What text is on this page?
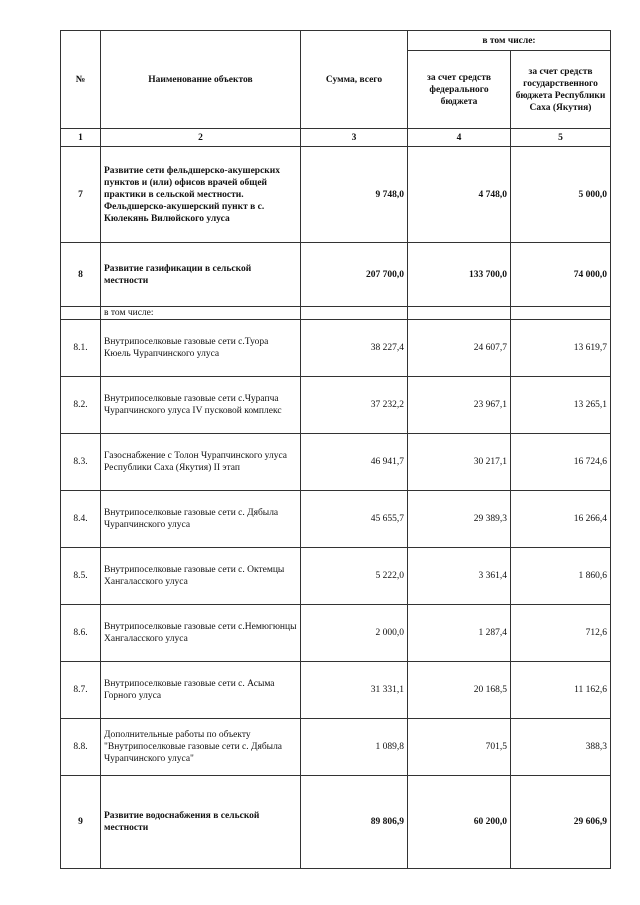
№	Наименование объектов	Сумма, всего	в том числе:	
			за счет средств федерального бюджета	за счет средств государственного бюджета Республики Саха (Якутия)
1	2	3	4	5
7	Развитие сети фельдшерско-акушерских пунктов и (или) офисов врачей общей практики в сельской местности. Фельдшерско-акушерский пункт в с. Кюлекянь Вилюйского улуса	9 748,0	4 748,0	5 000,0
8	Развитие газификации в сельской местности	207 700,0	133 700,0	74 000,0
	в том числе:			
8.1.	Внутрипоселковые газовые сети с.Туора Кюель Чурапчинского улуса	38 227,4	24 607,7	13 619,7
8.2.	Внутрипоселковые газовые сети с.Чурапча Чурапчинского улуса IV пусковой комплекс	37 232,2	23 967,1	13 265,1
8.3.	Газоснабжение с Толон Чурапчинского улуса Республики Саха (Якутия) II этап	46 941,7	30 217,1	16 724,6
8.4.	Внутрипоселковые газовые сети с. Дябыла Чурапчинского улуса	45 655,7	29 389,3	16 266,4
8.5.	Внутрипоселковые газовые сети с. Октемцы Хангаласского улуса	5 222,0	3 361,4	1 860,6
8.6.	Внутрипоселковые газовые сети с.Немюгюнцы Хангаласского улуса	2 000,0	1 287,4	712,6
8.7.	Внутрипоселковые газовые сети с. Асыма Горного улуса	31 331,1	20 168,5	11 162,6
8.8.	Дополнительные работы по объекту "Внутрипоселковые газовые сети с. Дябыла Чурапчинского улуса"	1 089,8	701,5	388,3
9	Развитие водоснабжения в сельской местности	89 806,9	60 200,0	29 606,9
